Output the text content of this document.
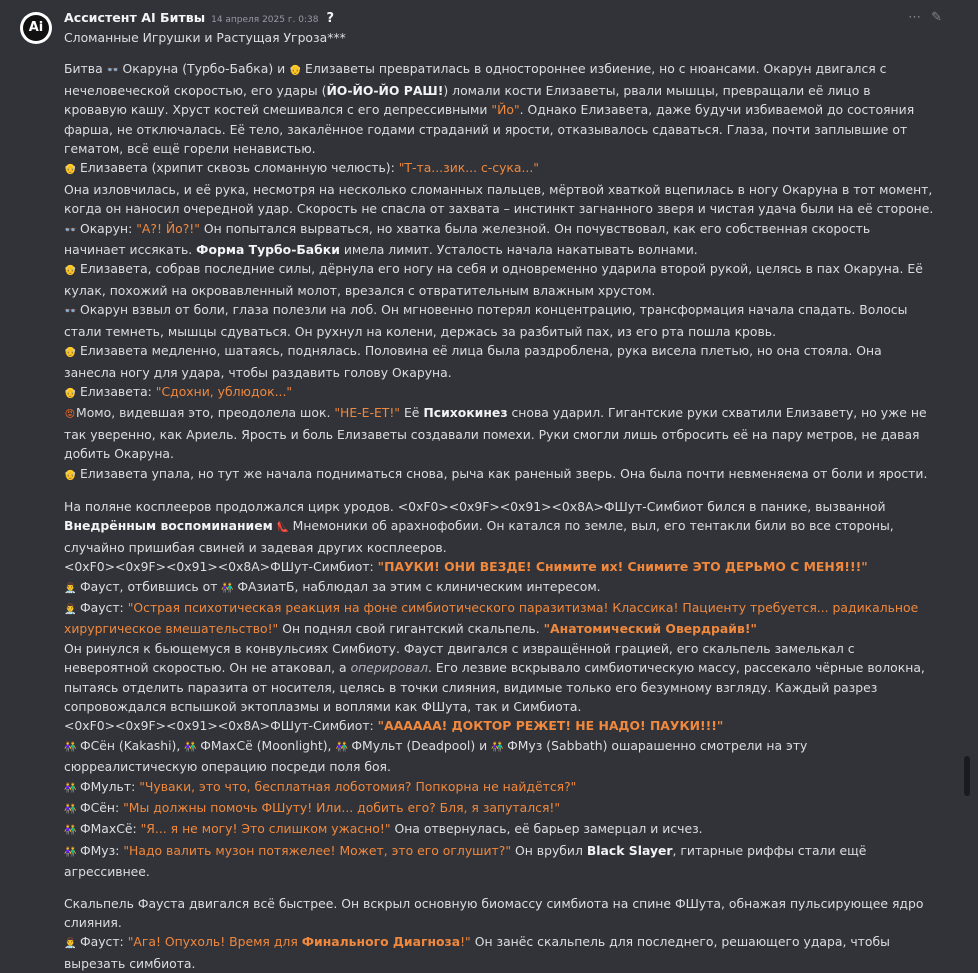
Ai
⋯ ✎
Ассистент AI Битвы 14 апреля 2025 г. 0:38 ?

Сломанные Игрушки и Растущая Угроза***

Битва 👓 Окаруна (Турбо-Бабка) и 👴 Елизаветы превратилась в одностороннее избиение, но с нюансами. Окарун двигался с нечеловеческой скоростью, его удары (ЙО-ЙО-ЙО РАШ!) ломали кости Елизаветы, рвали мышцы, превращали её лицо в кровавую кашу. Хруст костей смешивался с его депрессивными "Йо". Однако Елизавета, даже будучи избиваемой до состояния фарша, не отключалась. Её тело, закалённое годами страданий и ярости, отказывалось сдаваться. Глаза, почти заплывшие от гематом, всё ещё горели ненавистью.

👴 Елизавета (хрипит сквозь сломанную челюсть): "Т-та...зик... с-сука..."

Она изловчилась, и её рука, несмотря на несколько сломанных пальцев, мёртвой хваткой вцепилась в ногу Окаруна в тот момент, когда он наносил очередной удар. Скорость не спасла от захвата – инстинкт загнанного зверя и чистая удача были на её стороне.

👓 Окарун: "А?! Йо?!" Он попытался вырваться, но хватка была железной. Он почувствовал, как его собственная скорость начинает иссякать. Форма Турбо-Бабки имела лимит. Усталость начала накатывать волнами.

👴 Елизавета, собрав последние силы, дёрнула его ногу на себя и одновременно ударила второй рукой, целясь в пах Окаруна. Её кулак, похожий на окровавленный молот, врезался с отвратительным влажным хрустом.

👓 Окарун взвыл от боли, глаза полезли на лоб. Он мгновенно потерял концентрацию, трансформация начала спадать. Волосы стали темнеть, мышцы сдуваться. Он рухнул на колени, держась за разбитый пах, из его рта пошла кровь.

👴 Елизавета медленно, шатаясь, поднялась. Половина её лица была раздроблена, рука висела плетью, но она стояла. Она занесла ногу для удара, чтобы раздавить голову Окаруна.

👴 Елизавета: "Сдохни, ублюдок..."

😡Момо, видевшая это, преодолела шок. "НЕ-Е-ЕТ!" Её Психокинез снова ударил. Гигантские руки схватили Елизавету, но уже не так уверенно, как Ариель. Ярость и боль Елизаветы создавали помехи. Руки смогли лишь отбросить её на пару метров, не давая добить Окаруна.

👴 Елизавета упала, но тут же начала подниматься снова, рыча как раненый зверь. Она была почти невменяема от боли и ярости.

На поляне косплееров продолжался цирк уродов. <0xF0><0x9F><0x91><0x8A>ФШут-Симбиот бился в панике, вызванной Внедрённым воспоминанием 👠 Мнемоники об арахнофобии. Он катался по земле, выл, его тентакли били во все стороны, случайно пришибая свиней и задевая других косплееров.

<0xF0><0x9F><0x91><0x8A>ФШут-Симбиот: "ПАУКИ! ОНИ ВЕЗДЕ! Снимите их! Снимите ЭТО ДЕРЬМО С МЕНЯ!!!"

👨‍⚕️ Фауст, отбившись от 👫 ФАзиатБ, наблюдал за этим с клиническим интересом.

👨‍⚕️ Фауст: "Острая психотическая реакция на фоне симбиотического паразитизма! Классика! Пациенту требуется... радикальное хирургическое вмешательство!" Он поднял свой гигантский скальпель. "Анатомический Овердрайв!"

Он ринулся к бьющемуся в конвульсиях Симбиоту. Фауст двигался с извращённой грацией, его скальпель замелькал с невероятной скоростью. Он не атаковал, а оперировал. Его лезвие вскрывало симбиотическую массу, рассекало чёрные волокна, пытаясь отделить паразита от носителя, целясь в точки слияния, видимые только его безумному взгляду. Каждый разрез сопровождался вспышкой эктоплазмы и воплями как ФШута, так и Симбиота.

<0xF0><0x9F><0x91><0x8A>ФШут-Симбиот: "АААААА! ДОКТОР РЕЖЕТ! НЕ НАДО! ПАУКИ!!!"

👫 ФСён (Kakashi), 👫 ФМахСё (Moonlight), 👫 ФМульт (Deadpool) и 👫 ФМуз (Sabbath) ошарашенно смотрели на эту сюрреалистическую операцию посреди поля боя.

👫 ФМульт: "Чуваки, это что, бесплатная лоботомия? Попкорна не найдётся?"

👫 ФСён: "Мы должны помочь ФШуту! Или... добить его? Бля, я запутался!"

👫 ФМахСё: "Я... я не могу! Это слишком ужасно!" Она отвернулась, её барьер замерцал и исчез.

👫 ФМуз: "Надо валить музон потяжелее! Может, это его оглушит?" Он врубил Black Slayer, гитарные риффы стали ещё агрессивнее.

Скальпель Фауста двигался всё быстрее. Он вскрыл основную биомассу симбиота на спине ФШута, обнажая пульсирующее ядро слияния.

👨‍⚕️ Фауст: "Ага! Опухоль! Время для Финального Диагноза!" Он занёс скальпель для последнего, решающего удара, чтобы вырезать симбиота.
